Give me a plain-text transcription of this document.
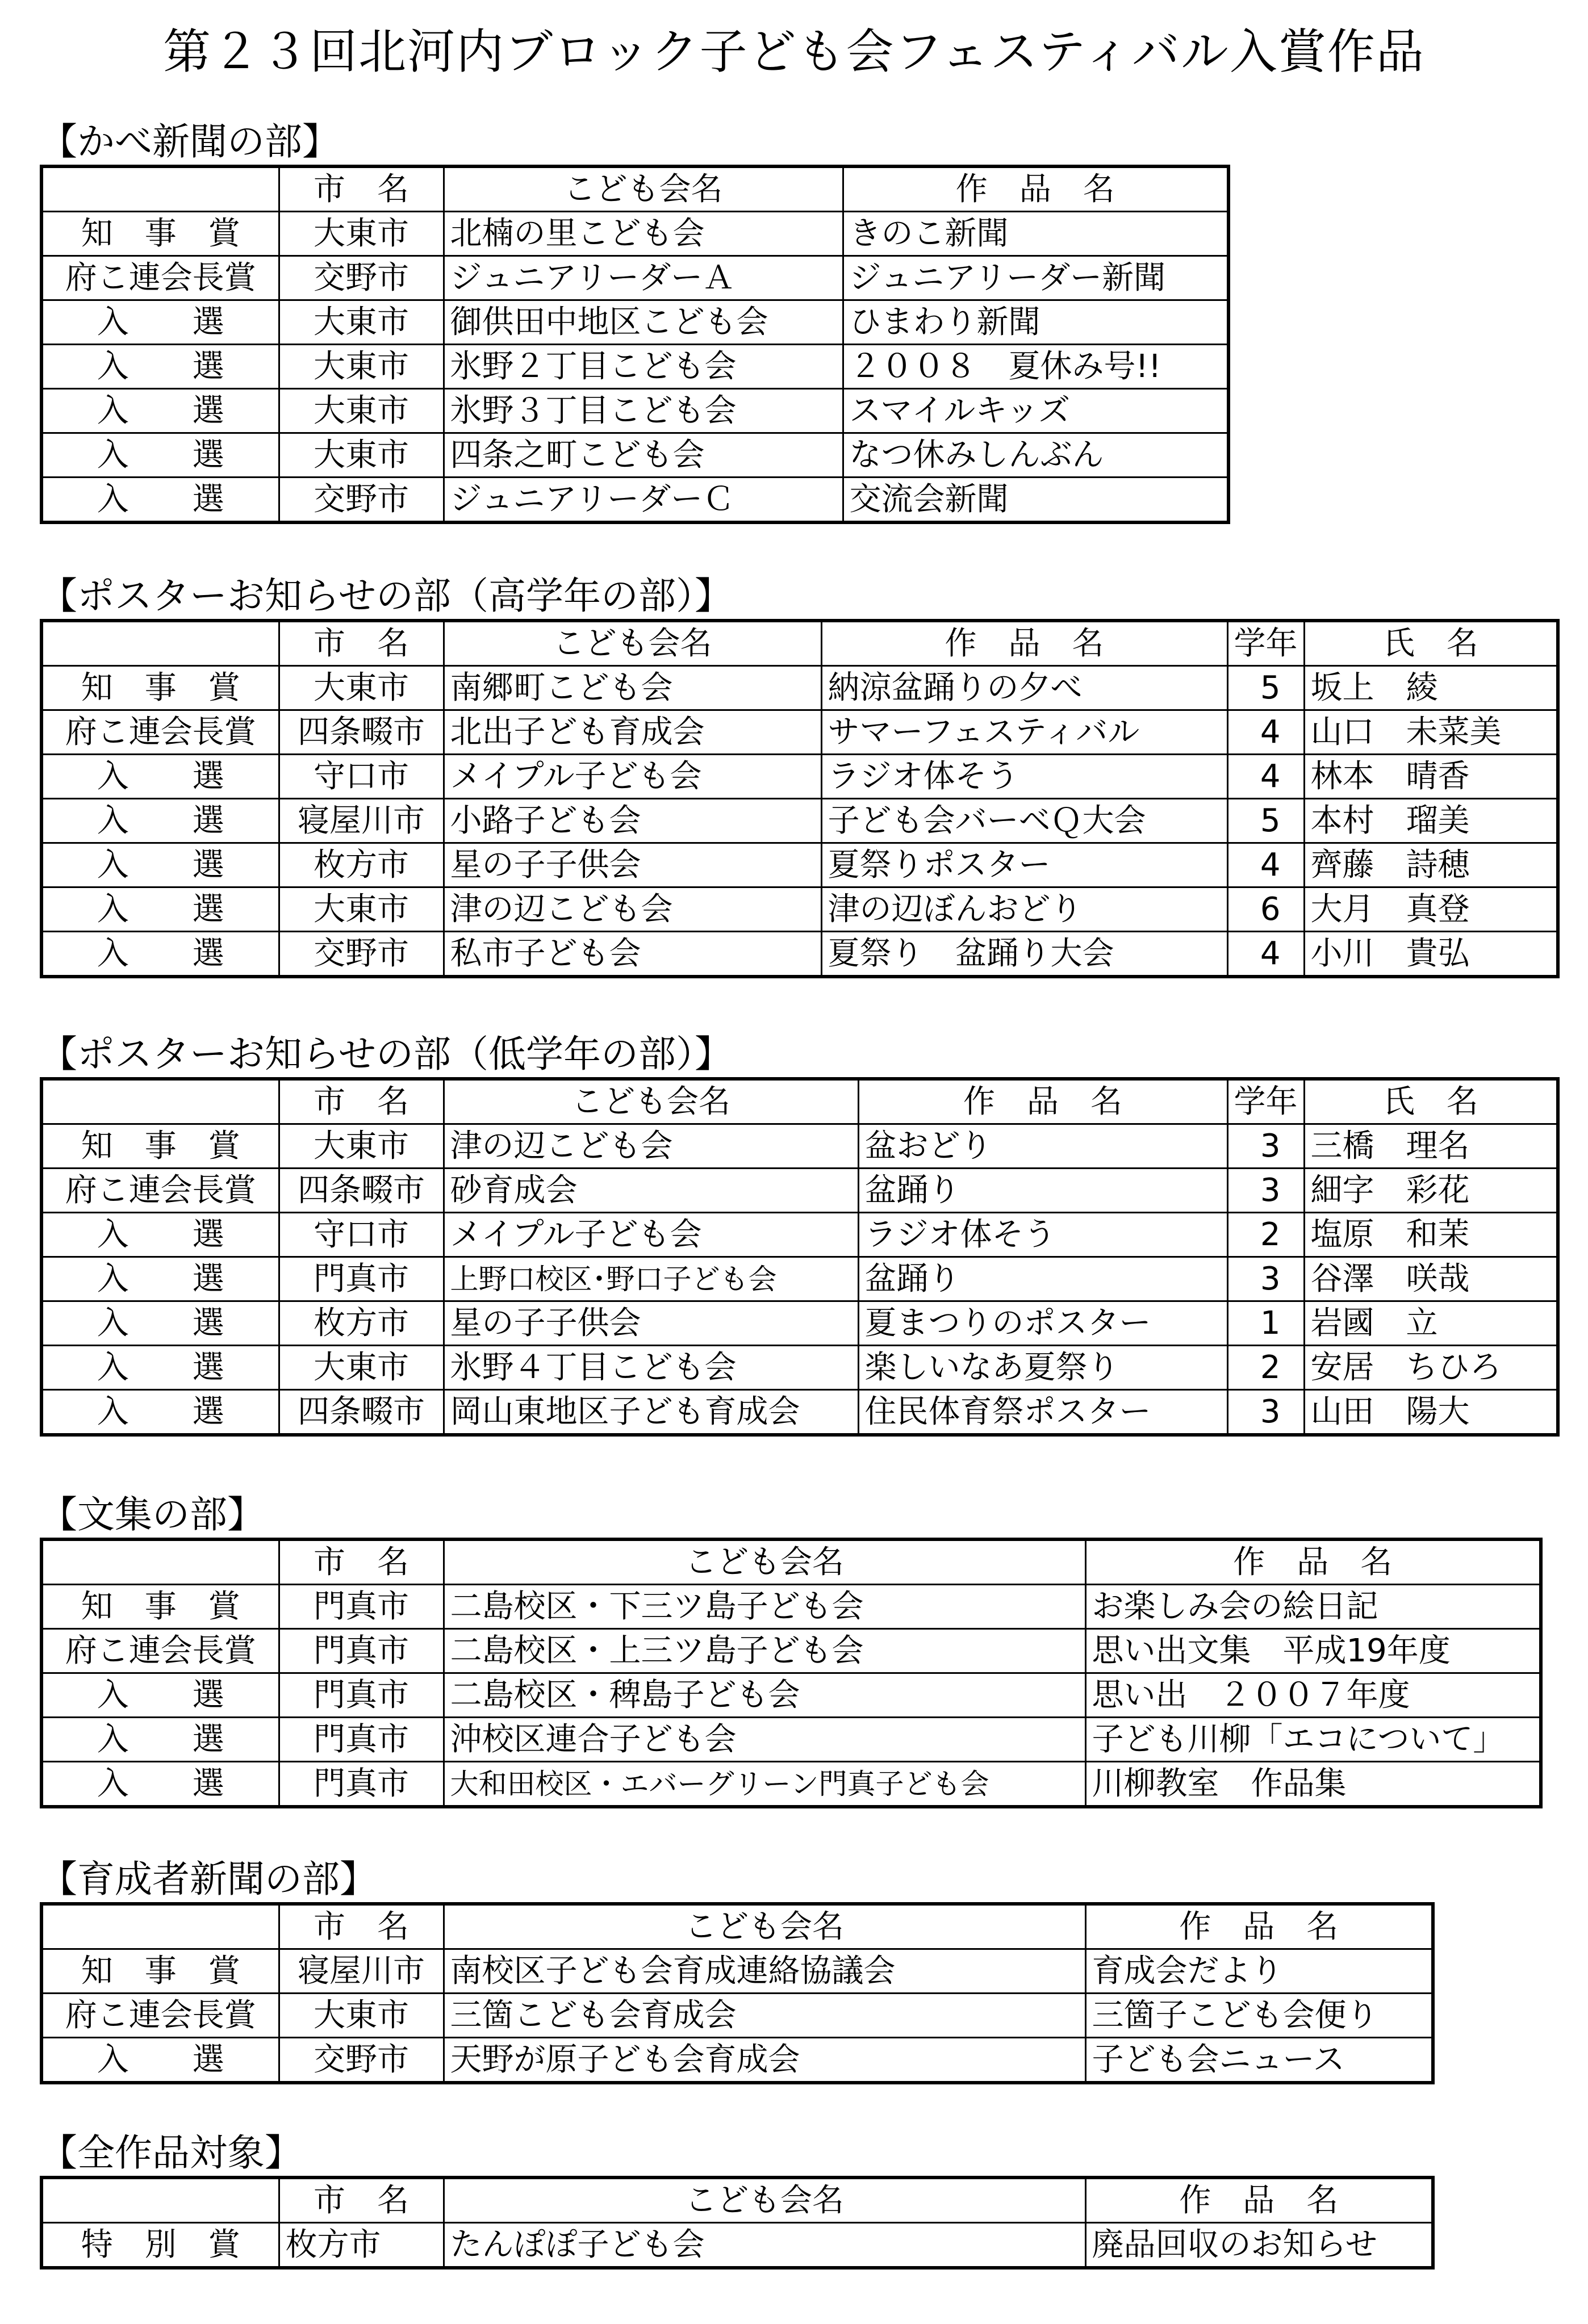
第２３回北河内ブロック子ども会フェスティバル入賞作品
【かべ新聞の部】
	市　名	こども会名	作　品　名
知　事　賞	大東市	北楠の里こども会	きのこ新聞
府こ連会長賞	交野市	ジュニアリーダーＡ	ジュニアリーダー新聞
入　　選	大東市	御供田中地区こども会	ひまわり新聞
入　　選	大東市	氷野２丁目こども会	２００８　夏休み号!!
入　　選	大東市	氷野３丁目こども会	スマイルキッズ
入　　選	大東市	四条之町こども会	なつ休みしんぶん
入　　選	交野市	ジュニアリーダーＣ	交流会新聞
【ポスターお知らせの部（高学年の部）】
	市　名	こども会名	作　品　名	学年	氏　名
知　事　賞	大東市	南郷町こども会	納涼盆踊りの夕べ	5	坂上　綾
府こ連会長賞	四条畷市	北出子ども育成会	サマーフェスティバル	4	山口　未菜美
入　　選	守口市	メイプル子ども会	ラジオ体そう	4	林本　晴香
入　　選	寝屋川市	小路子ども会	子ども会バーベＱ大会	5	本村　瑠美
入　　選	枚方市	星の子子供会	夏祭りポスター	4	齊藤　詩穂
入　　選	大東市	津の辺こども会	津の辺ぼんおどり	6	大月　真登
入　　選	交野市	私市子ども会	夏祭り　盆踊り大会	4	小川　貴弘
【ポスターお知らせの部（低学年の部）】
	市　名	こども会名	作　品　名	学年	氏　名
知　事　賞	大東市	津の辺こども会	盆おどり	3	三橋　理名
府こ連会長賞	四条畷市	砂育成会	盆踊り	3	細字　彩花
入　　選	守口市	メイプル子ども会	ラジオ体そう	2	塩原　和茉
入　　選	門真市	上野口校区･野口子ども会	盆踊り	3	谷澤　咲哉
入　　選	枚方市	星の子子供会	夏まつりのポスター	1	岩國　立
入　　選	大東市	氷野４丁目こども会	楽しいなあ夏祭り	2	安居　ちひろ
入　　選	四条畷市	岡山東地区子ども育成会	住民体育祭ポスター	3	山田　陽大
【文集の部】
	市　名	こども会名	作　品　名
知　事　賞	門真市	二島校区・下三ツ島子ども会	お楽しみ会の絵日記
府こ連会長賞	門真市	二島校区・上三ツ島子ども会	思い出文集　平成19年度
入　　選	門真市	二島校区・稗島子ども会	思い出　２００７年度
入　　選	門真市	沖校区連合子ども会	子ども川柳「エコについて」
入　　選	門真市	大和田校区・エバーグリーン門真子ども会	川柳教室　作品集
【育成者新聞の部】
	市　名	こども会名	作　品　名
知　事　賞	寝屋川市	南校区子ども会育成連絡協議会	育成会だより
府こ連会長賞	大東市	三箇こども会育成会	三箇子こども会便り
入　　選	交野市	天野が原子ども会育成会	子ども会ニュース
【全作品対象】
	市　名	こども会名	作　品　名
特　別　賞	枚方市	たんぽぽ子ども会	廃品回収のお知らせ
